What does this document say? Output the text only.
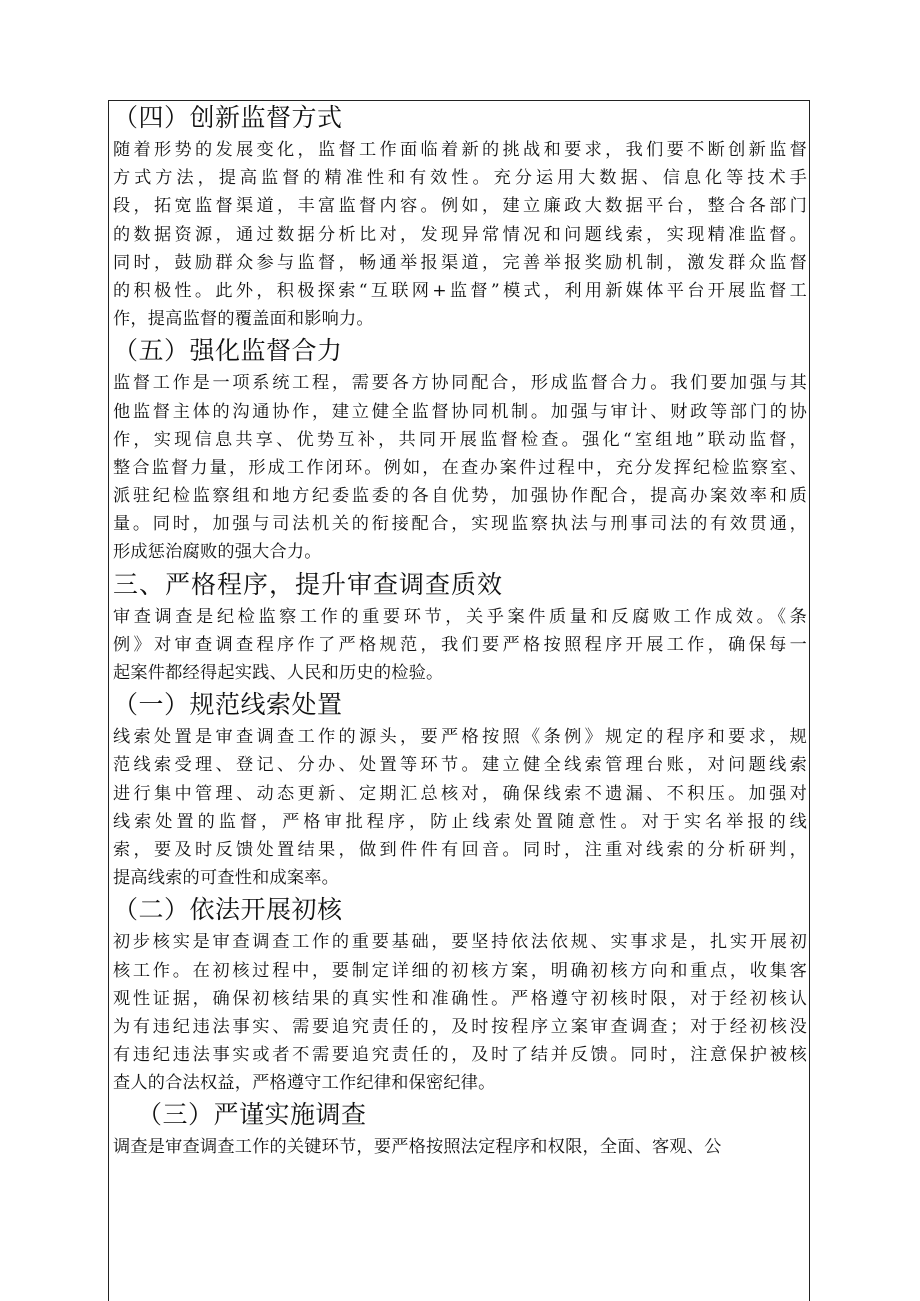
（四）创新监督方式
随着形势的发展变化，监督工作面临着新的挑战和要求，我们要不断创新监督
方式方法，提高监督的精准性和有效性。充分运用大数据、信息化等技术手
段，拓宽监督渠道，丰富监督内容。例如，建立廉政大数据平台，整合各部门
的数据资源，通过数据分析比对，发现异常情况和问题线索，实现精准监督。
同时，鼓励群众参与监督，畅通举报渠道，完善举报奖励机制，激发群众监督
的积极性。此外，积极探索“互联网+监督”模式，利用新媒体平台开展监督工
作，提高监督的覆盖面和影响力。
（五）强化监督合力
监督工作是一项系统工程，需要各方协同配合，形成监督合力。我们要加强与其
他监督主体的沟通协作，建立健全监督协同机制。加强与审计、财政等部门的协
作，实现信息共享、优势互补，共同开展监督检查。强化“室组地”联动监督，
整合监督力量，形成工作闭环。例如，在查办案件过程中，充分发挥纪检监察室、
派驻纪检监察组和地方纪委监委的各自优势，加强协作配合，提高办案效率和质
量。同时，加强与司法机关的衔接配合，实现监察执法与刑事司法的有效贯通，
形成惩治腐败的强大合力。
三、严格程序，提升审查调查质效
审查调查是纪检监察工作的重要环节，关乎案件质量和反腐败工作成效。《条
例》对审查调查程序作了严格规范，我们要严格按照程序开展工作，确保每一
起案件都经得起实践、人民和历史的检验。
（一）规范线索处置
线索处置是审查调查工作的源头，要严格按照《条例》规定的程序和要求，规
范线索受理、登记、分办、处置等环节。建立健全线索管理台账，对问题线索
进行集中管理、动态更新、定期汇总核对，确保线索不遗漏、不积压。加强对
线索处置的监督，严格审批程序，防止线索处置随意性。对于实名举报的线
索，要及时反馈处置结果，做到件件有回音。同时，注重对线索的分析研判，
提高线索的可查性和成案率。
（二）依法开展初核
初步核实是审查调查工作的重要基础，要坚持依法依规、实事求是，扎实开展初
核工作。在初核过程中，要制定详细的初核方案，明确初核方向和重点，收集客
观性证据，确保初核结果的真实性和准确性。严格遵守初核时限，对于经初核认
为有违纪违法事实、需要追究责任的，及时按程序立案审查调查；对于经初核没
有违纪违法事实或者不需要追究责任的，及时了结并反馈。同时，注意保护被核
查人的合法权益，严格遵守工作纪律和保密纪律。
（三）严谨实施调查
调查是审查调查工作的关键环节，要严格按照法定程序和权限，全面、客观、公
